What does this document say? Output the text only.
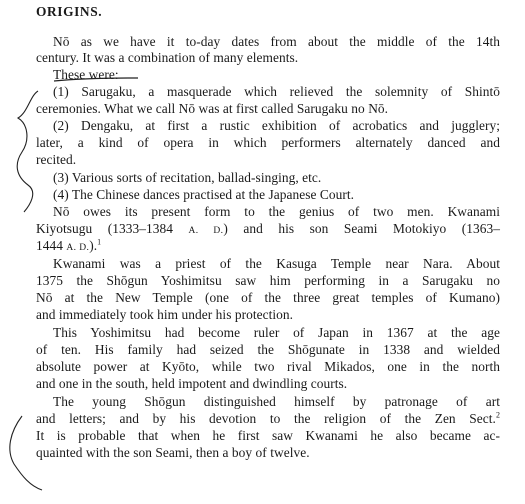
ORIGINS.
Nō as we have it to-day dates from about the middle of the 14th
century. It was a combination of many elements.
These were:
(1) Sarugaku, a masquerade which relieved the solemnity of Shintō
ceremonies. What we call Nō was at first called Sarugaku no Nō.
(2) Dengaku, at first a rustic exhibition of acrobatics and jugglery;
later, a kind of opera in which performers alternately danced and
recited.
(3) Various sorts of recitation, ballad-singing, etc.
(4) The Chinese dances practised at the Japanese Court.
Nō owes its present form to the genius of two men. Kwanami
Kiyotsugu (1333–1384 A. D.) and his son Seami Motokiyo (1363–
1444 A. D.).$^1$
Kwanami was a priest of the Kasuga Temple near Nara. About
1375 the Shōgun Yoshimitsu saw him performing in a Sarugaku no
Nō at the New Temple (one of the three great temples of Kumano)
and immediately took him under his protection.
This Yoshimitsu had become ruler of Japan in 1367 at the age
of ten. His family had seized the Shōgunate in 1338 and wielded
absolute power at Kyōto, while two rival Mikados, one in the north
and one in the south, held impotent and dwindling courts.
The young Shōgun distinguished himself by patronage of art
and letters; and by his devotion to the religion of the Zen Sect.$^2$
It is probable that when he first saw Kwanami he also became ac-
quainted with the son Seami, then a boy of twelve.
